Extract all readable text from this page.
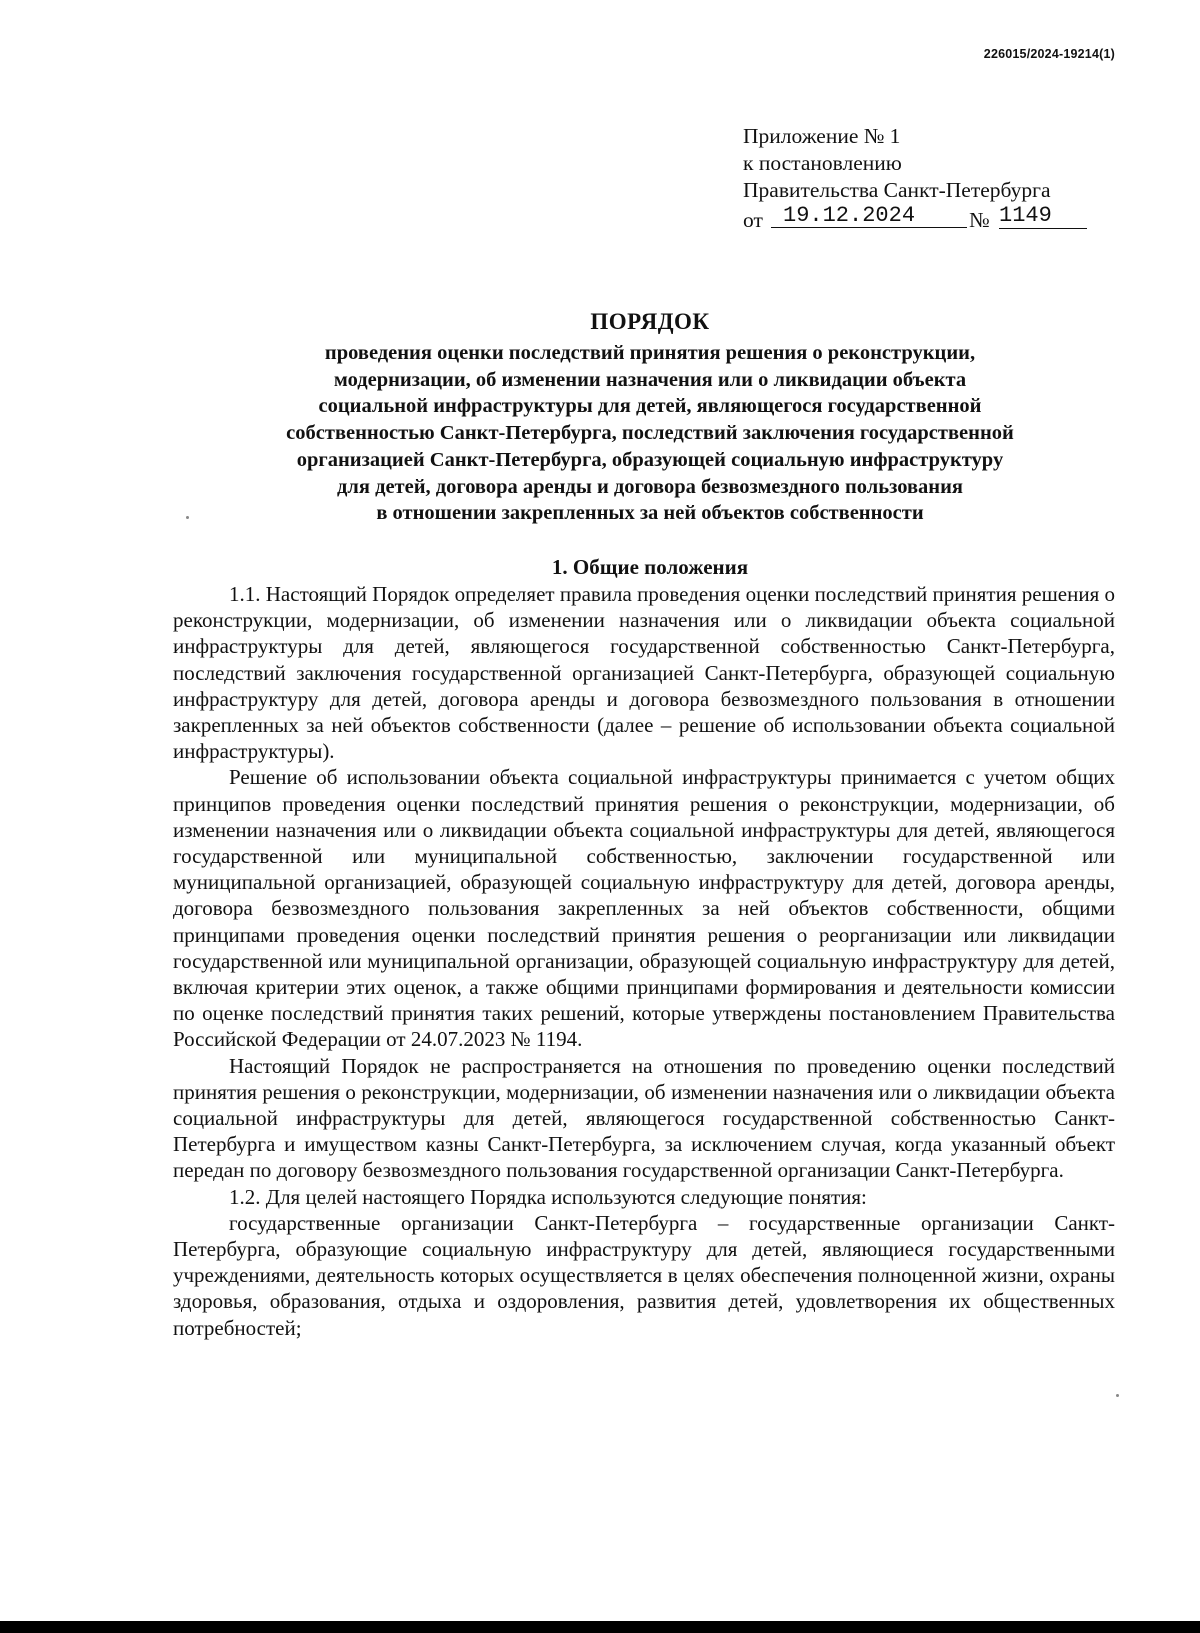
226015/2024-19214(1)
Приложение № 1
к постановлению
Правительства Санкт-Петербурга
от 19.12.2024	№ 1149
ПОРЯДОК
проведения оценки последствий принятия решения о реконструкции,
модернизации, об изменении назначения или о ликвидации объекта
социальной инфраструктуры для детей, являющегося государственной
собственностью Санкт-Петербурга, последствий заключения государственной
организацией Санкт-Петербурга, образующей социальную инфраструктуру
для детей, договора аренды и договора безвозмездного пользования
в отношении закрепленных за ней объектов собственности
1. Общие положения

1.1. Настоящий Порядок определяет правила проведения оценки последствий принятия решения о реконструкции, модернизации, об изменении назначения или о ликвидации объекта социальной инфраструктуры для детей, являющегося государственной собственностью Санкт-Петербурга, последствий заключения государственной организацией Санкт-Петербурга, образующей социальную инфраструктуру для детей, договора аренды и договора безвозмездного пользования в отношении закрепленных за ней объектов собственности (далее – решение об использовании объекта социальной инфраструктуры).

Решение об использовании объекта социальной инфраструктуры принимается с учетом общих принципов проведения оценки последствий принятия решения о реконструкции, модернизации, об изменении назначения или о ликвидации объекта социальной инфраструктуры для детей, являющегося государственной или муниципальной собственностью, заключении государственной или муниципальной организацией, образующей социальную инфраструктуру для детей, договора аренды, договора безвозмездного пользования закрепленных за ней объектов собственности, общими принципами проведения оценки последствий принятия решения о реорганизации или ликвидации государственной или муниципальной организации, образующей социальную инфраструктуру для детей, включая критерии этих оценок, а также общими принципами формирования и деятельности комиссии по оценке последствий принятия таких решений, которые утверждены постановлением Правительства Российской Федерации от 24.07.2023 № 1194.

Настоящий Порядок не распространяется на отношения по проведению оценки последствий принятия решения о реконструкции, модернизации, об изменении назначения или о ликвидации объекта социальной инфраструктуры для детей, являющегося государственной собственностью Санкт-Петербурга и имуществом казны Санкт-Петербурга, за исключением случая, когда указанный объект передан по договору безвозмездного пользования государственной организации Санкт-Петербурга.

1.2. Для целей настоящего Порядка используются следующие понятия:

государственные организации Санкт-Петербурга – государственные организации Санкт-Петербурга, образующие социальную инфраструктуру для детей, являющиеся государственными учреждениями, деятельность которых осуществляется в целях обеспечения полноценной жизни, охраны здоровья, образования, отдыха и оздоровления, развития детей, удовлетворения их общественных потребностей;
